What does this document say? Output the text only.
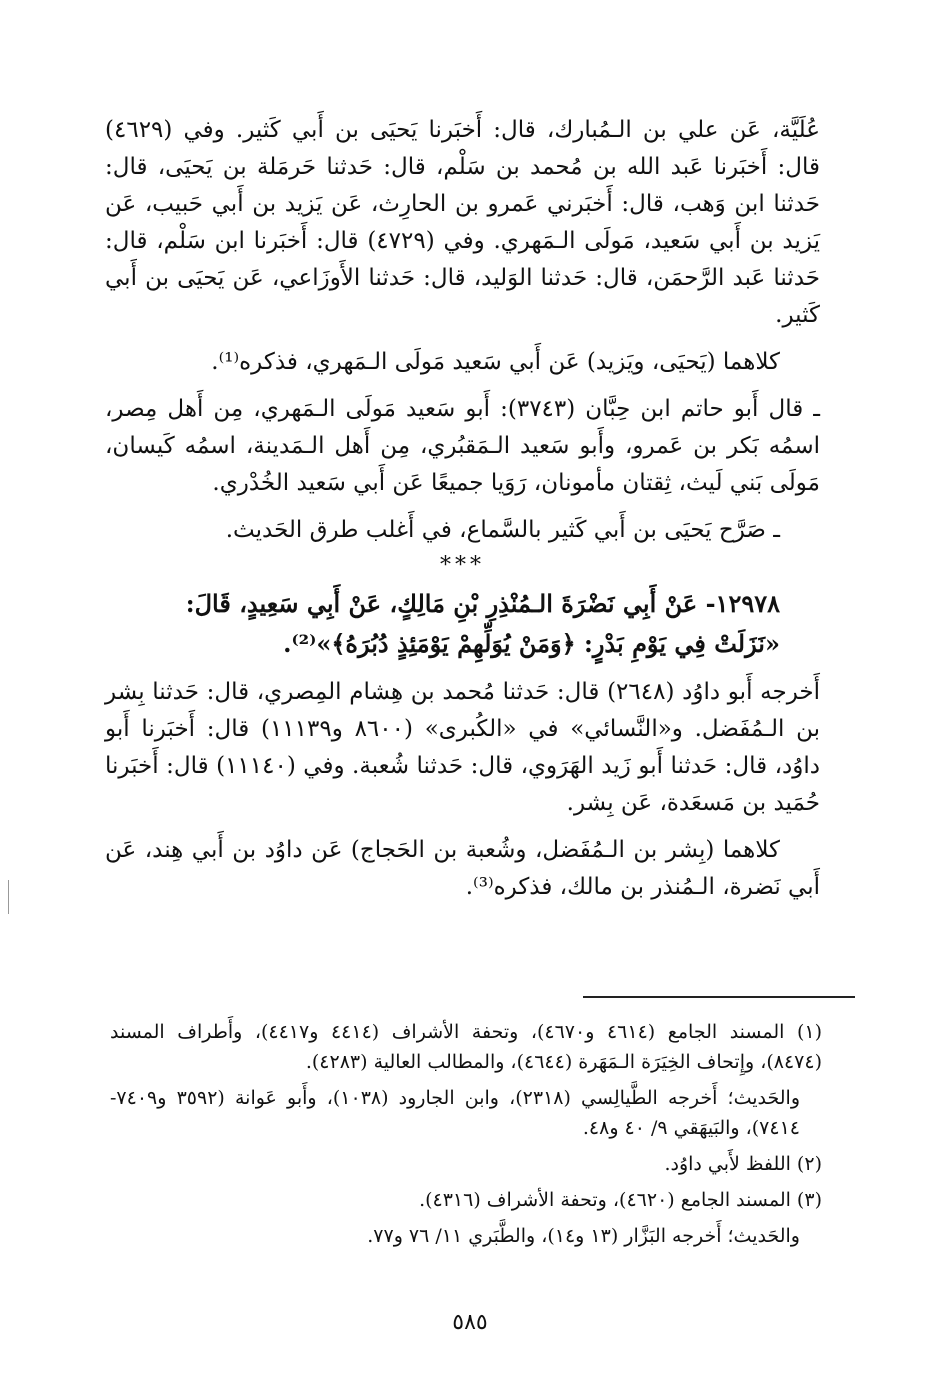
عُلَيَّة، عَن علي بن الـمُبارك، قال: أَخبَرنا يَحيَى بن أَبي كَثير. وفي (٤٦٢٩) قال: أَخبَرنا عَبد الله بن مُحمد بن سَلْم، قال: حَدثنا حَرمَلة بن يَحيَى، قال: حَدثنا ابن وَهب، قال: أَخبَرني عَمرو بن الحارِث، عَن يَزيد بن أَبي حَبيب، عَن يَزيد بن أَبي سَعيد، مَولَى الـمَهري. وفي (٤٧٢٩) قال: أَخبَرنا ابن سَلْم، قال: حَدثنا عَبد الرَّحمَن، قال: حَدثنا الوَليد، قال: حَدثنا الأَوزَاعي، عَن يَحيَى بن أَبي كَثير.

كلاهما (يَحيَى، ويَزيد) عَن أَبي سَعيد مَولَى الـمَهري، فذكره⁽¹⁾.

ـ قال أَبو حاتم ابن حِبَّان (٣٧٤٣): أَبو سَعيد مَولَى الـمَهري، مِن أَهل مِصر، اسمُه بَكر بن عَمرو، وأَبو سَعيد الـمَقبُري، مِن أَهل الـمَدينة، اسمُه كَيسان، مَولَى بَني لَيث، ثِقتان مأمونان، رَوَيا جميعًا عَن أَبي سَعيد الخُدْري.

ـ صَرَّح يَحيَى بن أَبي كَثير بالسَّماع، في أَغلب طرق الحَديث.

***

١٢٩٧٨- عَنْ أَبِي نَضْرَةَ الـمُنْذِرِ بْنِ مَالِكٍ، عَنْ أَبِي سَعِيدٍ، قَالَ:

«نَزَلَتْ فِي يَوْمِ بَدْرٍ: ﴿وَمَنْ يُوَلِّهِمْ يَوْمَئِذٍ دُبُرَهُ﴾»⁽²⁾.

أَخرجه أَبو داوُد (٢٦٤٨) قال: حَدثنا مُحمد بن هِشام المِصري، قال: حَدثنا بِشر بن الـمُفَضل. و«النَّسائي» في «الكُبرى» (٨٦٠٠ و١١١٣٩) قال: أَخبَرنا أَبو داوُد، قال: حَدثنا أَبو زَيد الهَرَوي، قال: حَدثنا شُعبة. وفي (١١١٤٠) قال: أَخبَرنا حُمَيد بن مَسعَدة، عَن بِشر.

كلاهما (بِشر بن الـمُفَضل، وشُعبة بن الحَجاج) عَن داوُد بن أَبي هِند، عَن أَبي نَضرة، الـمُنذر بن مالك، فذكره⁽³⁾.

(١) المسند الجامع (٤٦١٤ و٤٦٧٠)، وتحفة الأشراف (٤٤١٤ و٤٤١٧)، وأَطراف المسند (٨٤٧٤)، وإِتحاف الخِيَرَة الـمَهَرة (٤٦٤٤)، والمطالب العالية (٤٢٨٣).

والحَديث؛ أَخرجه الطَّيالِسي (٢٣١٨)، وابن الجارود (١٠٣٨)، وأَبو عَوانة (٣٥٩٢ و٧٤٠٩- ٧٤١٤)، والبَيهَقي ٩/ ٤٠ و٤٨.

(٢) اللفظ لأَبي داوُد.

(٣) المسند الجامع (٤٦٢٠)، وتحفة الأشراف (٤٣١٦).

والحَديث؛ أَخرجه البَزَّار (١٣ و١٤)، والطَّبَري ١١/ ٧٦ و٧٧.

٥٨٥
